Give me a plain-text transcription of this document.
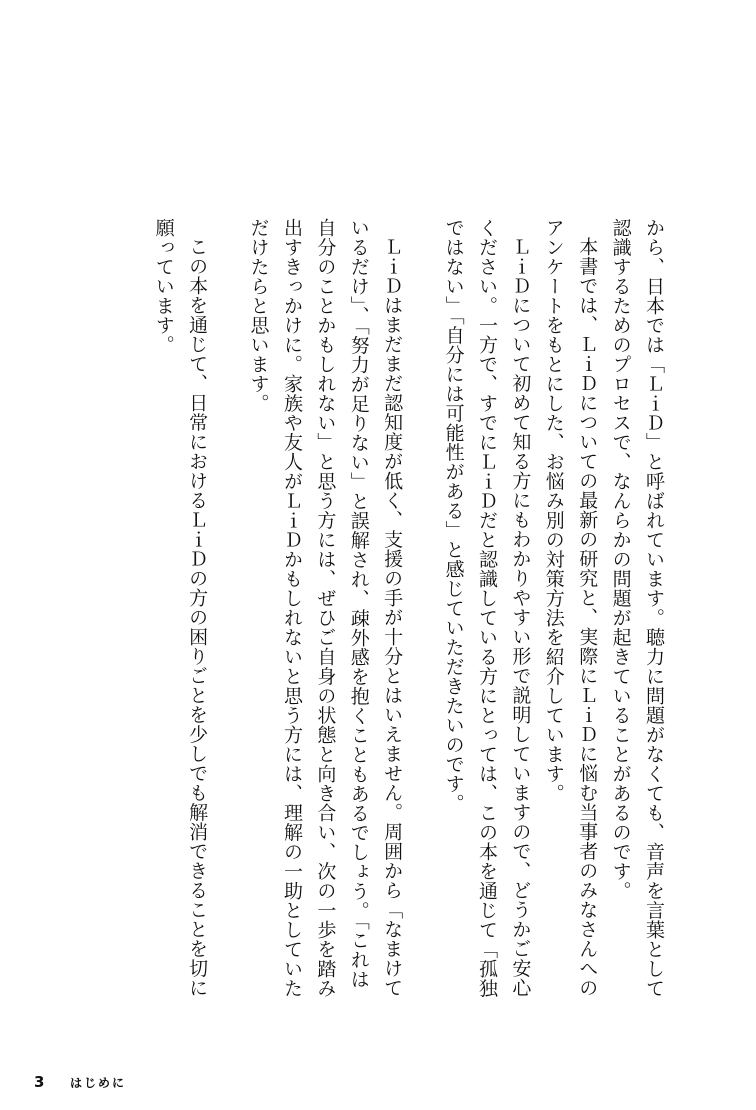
から、日本では「ＬｉＤ」と呼ばれています。聴力に問題がなくても、音声を言葉として認識するためのプロセスで、なんらかの問題が起きていることがあるのです。

本書では、ＬｉＤについての最新の研究と、実際にＬｉＤに悩む当事者のみなさんへのアンケートをもとにした、お悩み別の対策方法を紹介しています。

ＬｉＤについて初めて知る方にもわかりやすい形で説明していますので、どうかご安心ください。一方で、すでにＬｉＤだと認識している方にとっては、この本を通じて「孤独ではない」「自分には可能性がある」と感じていただきたいのです。

ＬｉＤはまだまだ認知度が低く、支援の手が十分とはいえません。周囲から「なまけているだけ」、「努力が足りない」と誤解され、疎外感を抱くこともあるでしょう。「これは自分のことかもしれない」と思う方には、ぜひご自身の状態と向き合い、次の一歩を踏み出すきっかけに。家族や友人がＬｉＤかもしれないと思う方には、理解の一助としていただけたらと思います。

この本を通じて、日常におけるＬｉＤの方の困りごとを少しでも解消できることを切に願っています。

3	はじめに
